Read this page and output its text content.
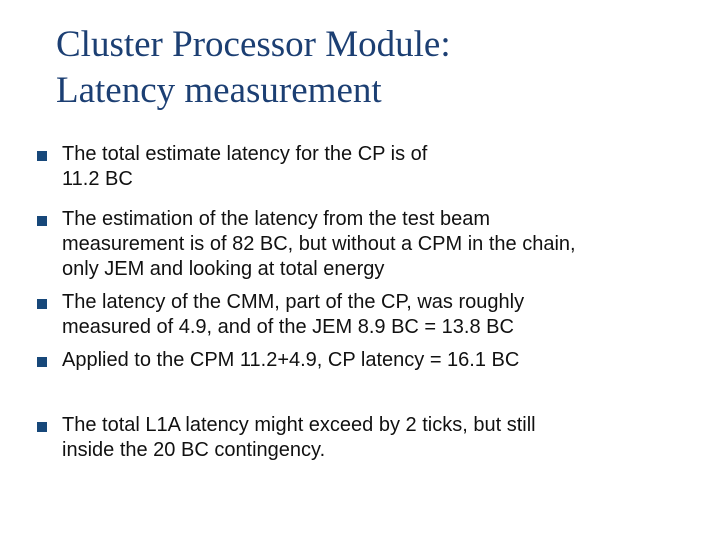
Cluster Processor Module:
Latency measurement
The total estimate latency for the CP is of
11.2 BC
The estimation of the latency from the test beam
measurement is of 82 BC, but without a CPM in the chain,
only JEM and looking at total energy
The latency of the CMM, part of the CP, was roughly
measured of 4.9, and of the JEM 8.9 BC = 13.8 BC
Applied to the CPM 11.2+4.9, CP latency = 16.1 BC
The total L1A latency might exceed by 2 ticks, but still
inside the 20 BC contingency.
